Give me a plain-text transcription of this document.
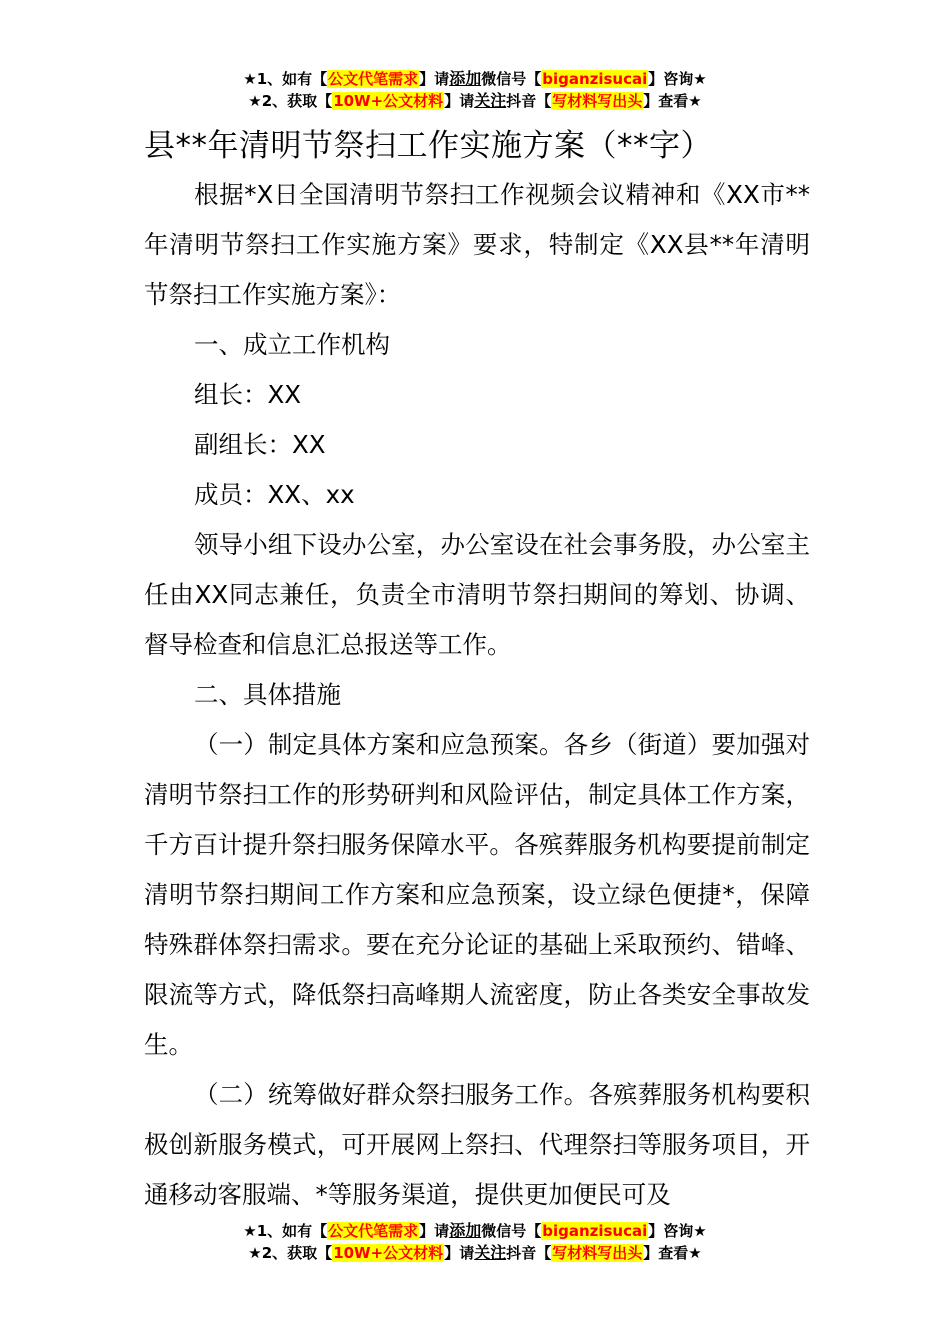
★1、如有【公文代笔需求】请添加微信号【biganzisucai】咨询★
★2、获取【10W+公文材料】请关注抖音【写材料写出头】查看★
县**年清明节祭扫工作实施方案（**字）

根据*X日全国清明节祭扫工作视频会议精神和《XX市**年清明节祭扫工作实施方案》要求，特制定《XX县**年清明节祭扫工作实施方案》：

一、成立工作机构

组长：XX

副组长：XX

成员：XX、xx

领导小组下设办公室，办公室设在社会事务股，办公室主任由XX同志兼任，负责全市清明节祭扫期间的筹划、协调、督导检查和信息汇总报送等工作。

二、具体措施

（一）制定具体方案和应急预案。各乡（街道）要加强对清明节祭扫工作的形势研判和风险评估，制定具体工作方案，千方百计提升祭扫服务保障水平。各殡葬服务机构要提前制定清明节祭扫期间工作方案和应急预案，设立绿色便捷*，保障特殊群体祭扫需求。要在充分论证的基础上采取预约、错峰、限流等方式，降低祭扫高峰期人流密度，防止各类安全事故发生。

（二）统筹做好群众祭扫服务工作。各殡葬服务机构要积极创新服务模式，可开展网上祭扫、代理祭扫等服务项目，开通移动客服端、*等服务渠道，提供更加便民可及

★1、如有【公文代笔需求】请添加微信号【biganzisucai】咨询★
★2、获取【10W+公文材料】请关注抖音【写材料写出头】查看★
